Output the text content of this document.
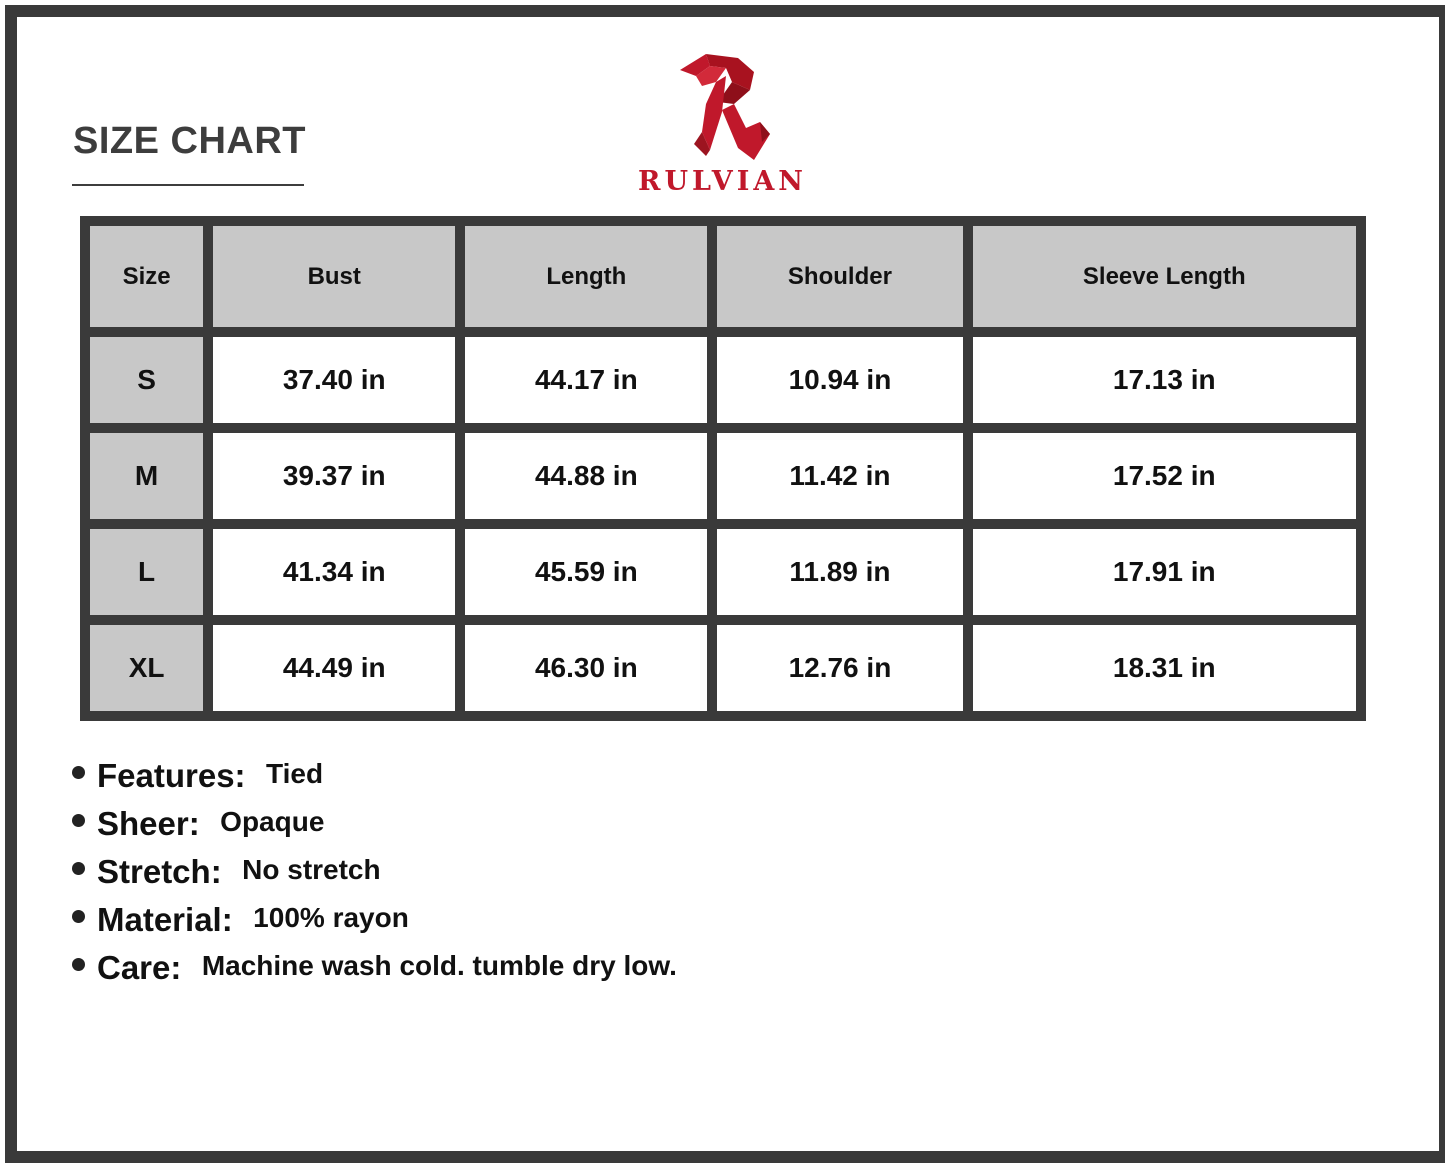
SIZE CHART
RULVIAN
Size	Bust	Length	Shoulder	Sleeve Length
S	37.40 in	44.17 in	10.94 in	17.13 in
M	39.37 in	44.88 in	11.42 in	17.52 in
L	41.34 in	45.59 in	11.89 in	17.91 in
XL	44.49 in	46.30 in	12.76 in	18.31 in
Features: Tied
Sheer: Opaque
Stretch: No stretch
Material: 100% rayon
Care: Machine wash cold. tumble dry low.
